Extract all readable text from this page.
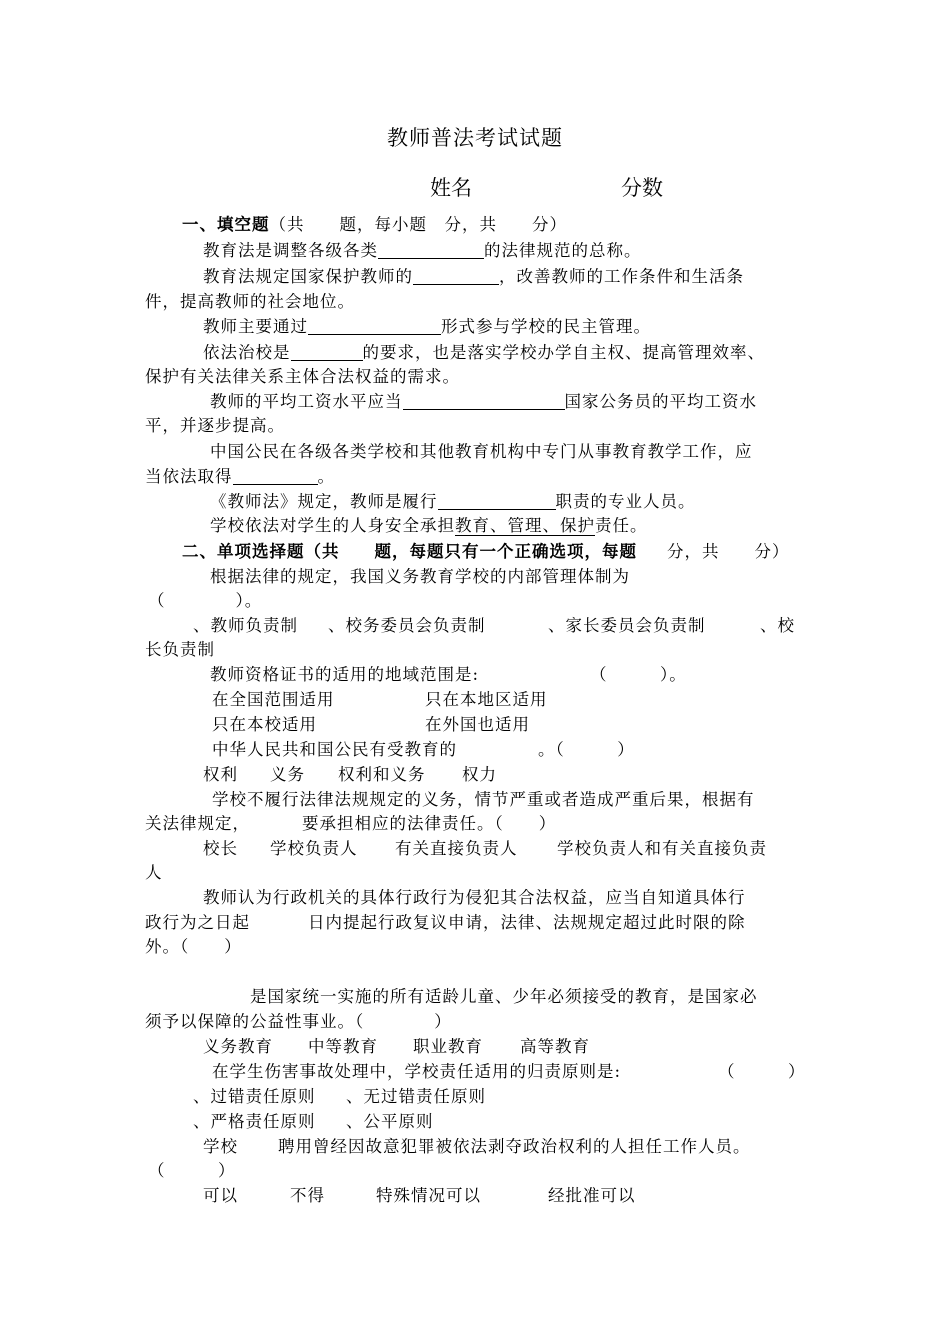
教师普法考试试题
姓名	分数
一、填空题（共　　题，每小题　分，共　　分）
教育法是调整各级各类	的法律规范的总称。
教育法规定国家保护教师的	，改善教师的工作条件和生活条
件，提高教师的社会地位。
教师主要通过	形式参与学校的民主管理。
依法治校是	的要求，也是落实学校办学自主权、提高管理效率、
保护有关法律关系主体合法权益的需求。
教师的平均工资水平应当	国家公务员的平均工资水
平，并逐步提高。
中国公民在各级各类学校和其他教育机构中专门从事教育教学工作，应
当依法取得	。
《教师法》规定，教师是履行	职责的专业人员。
学校依法对学生的人身安全承担教育、管理、保护责任。
二、单项选择题（共　　题，每题只有一个正确选项，每题 分，共　　分）
根据法律的规定，我国义务教育学校的内部管理体制为
（　　　　）。
、教师负责制 、校务委员会负责制	、家长委员会负责制	、校
长负责制
教师资格证书的适用的地域范围是:	（　　　）。
在全国范围适用	只在本地区适用
只在本校适用	在外国也适用
中华人民共和国公民有受教育的	。（　　　）
权利 义务 权利和义务 权力
学校不履行法律法规规定的义务，情节严重或者造成严重后果，根据有
关法律规定，	要承担相应的法律责任。（　　）
校长 学校负责人 有关直接负责人 学校负责人和有关直接负责
人
教师认为行政机关的具体行政行为侵犯其合法权益，应当自知道具体行
政行为之日起	日内提起行政复议申请，法律、法规规定超过此时限的除
外。（　　）
是国家统一实施的所有适龄儿童、少年必须接受的教育，是国家必
须予以保障的公益性事业。（　　　　）
义务教育 中等教育 职业教育 高等教育
在学生伤害事故处理中，学校责任适用的归责原则是:	（　　　）
、过错责任原则 、无过错责任原则
、严格责任原则 、公平原则
学校 聘用曾经因故意犯罪被依法剥夺政治权利的人担任工作人员。
（　　　）
可以	不得	特殊情况可以	经批准可以
